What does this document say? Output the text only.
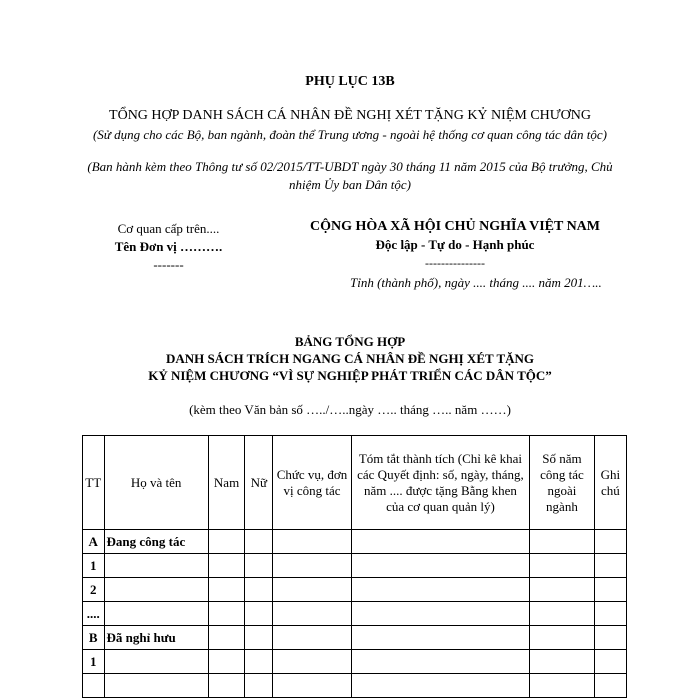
PHỤ LỤC 13B
TỔNG HỢP DANH SÁCH CÁ NHÂN ĐỀ NGHỊ XÉT TẶNG KỶ NIỆM CHƯƠNG
(Sử dụng cho các Bộ, ban ngành, đoàn thể Trung ương - ngoài hệ thống cơ quan công tác dân tộc)
(Ban hành kèm theo Thông tư số 02/2015/TT-UBDT ngày 30 tháng 11 năm 2015 của Bộ trưởng, Chủ nhiệm Ủy ban Dân tộc)
Cơ quan cấp trên....
Tên Đơn vị ……….
-------
CỘNG HÒA XÃ HỘI CHỦ NGHĨA VIỆT NAM
Độc lập - Tự do - Hạnh phúc
---------------
Tỉnh (thành phố), ngày .... tháng .... năm 201…..
BẢNG TỔNG HỢP
DANH SÁCH TRÍCH NGANG CÁ NHÂN ĐỀ NGHỊ XÉT TẶNG
KỶ NIỆM CHƯƠNG “VÌ SỰ NGHIỆP PHÁT TRIỂN CÁC DÂN TỘC”
(kèm theo Văn bản số …../…..ngày ….. tháng ….. năm ……)
TT	Họ và tên	Nam	Nữ	Chức vụ, đơn vị công tác	Tóm tắt thành tích (Chỉ kê khai các Quyết định: số, ngày, tháng, năm .... được tặng Bằng khen của cơ quan quản lý)	Số năm công tác ngoài ngành	Ghi chú
A	Đang công tác						
1							
2							
....							
B	Đã nghỉ hưu						
1							
